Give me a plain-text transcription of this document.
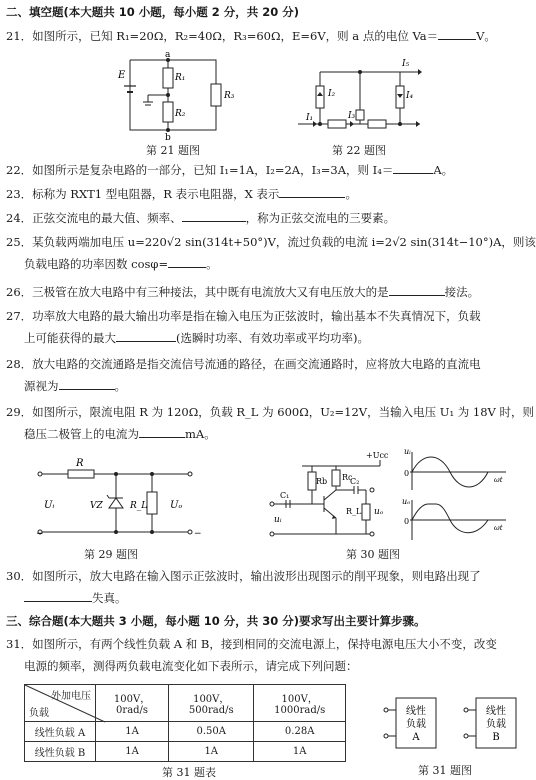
二、填空题(本大题共 10 小题，每小题 2 分，共 20 分)
21．如图所示，已知 R₁=20Ω，R₂=40Ω，R₃=60Ω，E=6V，则 a 点的电位 Va＝	V。
a
b
E	R₁
R₂
R₃
第 21 题图
I₁
I₂
I₃
I₄
I₅
第 22 题图
22．如图所示是复杂电路的一部分，已知 I₁=1A，I₂=2A，I₃=3A，则 I₄＝	A。
23．标称为 RXT1 型电阻器，R 表示电阻器，X 表示	。
24．正弦交流电的最大值、频率、	，称为正弦交流电的三要素。
25．某负载两端加电压 u=220√2 sin(314t+50°)V，流过负载的电流 i=2√2 sin(314t−10°)A，则该
负载电路的功率因数 cosφ=	。
26．三极管在放大电路中有三种接法，其中既有电流放大又有电压放大的是	接法。
27．功率放大电路的最大输出功率是指在输入电压为正弦波时，输出基本不失真情况下，负载
上可能获得的最大	(选瞬时功率、有效功率或平均功率)。
28．放大电路的交流通路是指交流信号流通的路径，在画交流通路时，应将放大电路的直流电
源视为	。
29．如图所示，限流电阻 R 为 120Ω，负载 R_L 为 600Ω，U₂=12V，当输入电压 U₁ 为 18V 时，则
稳压二极管上的电流为	mA。
R
VZ	R_L
Uᵢ	Uₒ
−	−
第 29 题图
Rb Rc
+Ucc
C₁
C₂
R_L
uᵢ
uₒ
uᵢ
0
ωt
uₒ
0
ωt
第 30 题图
30．如图所示，放大电路在输入图示正弦波时，输出波形出现图示的削平现象，则电路出现了
失真。
三、综合题(本大题共 3 小题，每小题 10 分，共 30 分)要求写出主要计算步骤。
31．如图所示，有两个线性负载 A 和 B，接到相同的交流电源上，保持电源电压大小不变，改变
电源的频率，测得两负载电流变化如下表所示，请完成下列问题：
外加电压
负载	100V，0rad/s	100V，500rad/s	100V，1000rad/s
线性负载 A	1A	0.50A	0.28A
线性负载 B	1A	1A	1A
第 31 题表
线性
负载
A
线性
负载
B
第 31 题图
